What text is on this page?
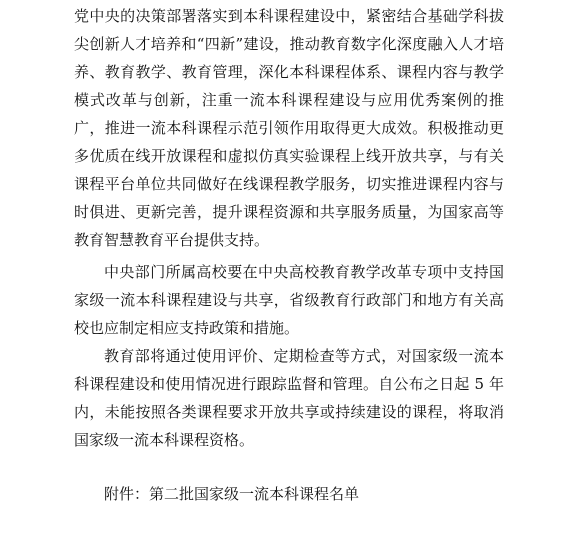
党中央的决策部署落实到本科课程建设中，紧密结合基础学科拔尖创新人才培养和“四新”建设，推动教育数字化深度融入人才培养、教育教学、教育管理，深化本科课程体系、课程内容与教学模式改革与创新，注重一流本科课程建设与应用优秀案例的推广，推进一流本科课程示范引领作用取得更大成效。积极推动更多优质在线开放课程和虚拟仿真实验课程上线开放共享，与有关课程平台单位共同做好在线课程教学服务，切实推进课程内容与时俱进、更新完善，提升课程资源和共享服务质量，为国家高等教育智慧教育平台提供支持。

中央部门所属高校要在中央高校教育教学改革专项中支持国家级一流本科课程建设与共享，省级教育行政部门和地方有关高校也应制定相应支持政策和措施。

教育部将通过使用评价、定期检查等方式，对国家级一流本科课程建设和使用情况进行跟踪监督和管理。自公布之日起 5 年内，未能按照各类课程要求开放共享或持续建设的课程，将取消国家级一流本科课程资格。

附件：第二批国家级一流本科课程名单
